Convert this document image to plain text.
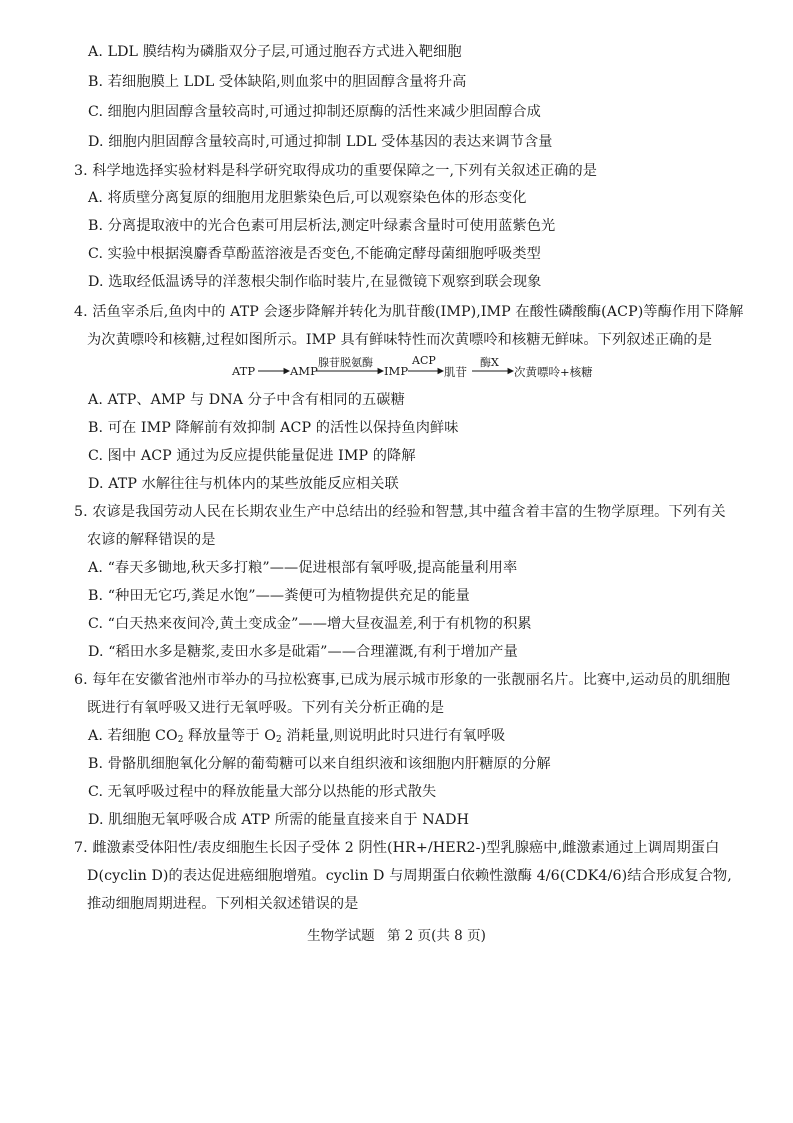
A. LDL 膜结构为磷脂双分子层,可通过胞吞方式进入靶细胞
B. 若细胞膜上 LDL 受体缺陷,则血浆中的胆固醇含量将升高
C. 细胞内胆固醇含量较高时,可通过抑制还原酶的活性来减少胆固醇合成
D. 细胞内胆固醇含量较高时,可通过抑制 LDL 受体基因的表达来调节含量
3. 科学地选择实验材料是科学研究取得成功的重要保障之一,下列有关叙述正确的是
A. 将质壁分离复原的细胞用龙胆紫染色后,可以观察染色体的形态变化
B. 分离提取液中的光合色素可用层析法,测定叶绿素含量时可使用蓝紫色光
C. 实验中根据溴麝香草酚蓝溶液是否变色,不能确定酵母菌细胞呼吸类型
D. 选取经低温诱导的洋葱根尖制作临时装片,在显微镜下观察到联会现象
4. 活鱼宰杀后,鱼肉中的 ATP 会逐步降解并转化为肌苷酸(IMP),IMP 在酸性磷酸酶(ACP)等酶作用下降解
为次黄嘌呤和核糖,过程如图所示。IMP 具有鲜味特性而次黄嘌呤和核糖无鲜味。下列叙述正确的是
ATP	AMP
腺苷脱氨酶
IMP
ACP
肌苷
酶X
次黄嘌呤+核糖
A. ATP、AMP 与 DNA 分子中含有相同的五碳糖
B. 可在 IMP 降解前有效抑制 ACP 的活性以保持鱼肉鲜味
C. 图中 ACP 通过为反应提供能量促进 IMP 的降解
D. ATP 水解往往与机体内的某些放能反应相关联
5. 农谚是我国劳动人民在长期农业生产中总结出的经验和智慧,其中蕴含着丰富的生物学原理。下列有关
农谚的解释错误的是
A. “春天多锄地,秋天多打粮”——促进根部有氧呼吸,提高能量利用率
B. “种田无它巧,粪足水饱”——粪便可为植物提供充足的能量
C. “白天热来夜间冷,黄土变成金”——增大昼夜温差,利于有机物的积累
D. “稻田水多是糖浆,麦田水多是砒霜”——合理灌溉,有利于增加产量
6. 每年在安徽省池州市举办的马拉松赛事,已成为展示城市形象的一张靓丽名片。比赛中,运动员的肌细胞
既进行有氧呼吸又进行无氧呼吸。下列有关分析正确的是
A. 若细胞 $CO_2$ 释放量等于 $O_2$ 消耗量,则说明此时只进行有氧呼吸
B. 骨骼肌细胞氧化分解的葡萄糖可以来自组织液和该细胞内肝糖原的分解
C. 无氧呼吸过程中的释放能量大部分以热能的形式散失
D. 肌细胞无氧呼吸合成 ATP 所需的能量直接来自于 NADH
7. 雌激素受体阳性/表皮细胞生长因子受体 2 阴性(HR+/HER2-)型乳腺癌中,雌激素通过上调周期蛋白
D(cyclin D)的表达促进癌细胞增殖。cyclin D 与周期蛋白依赖性激酶 4/6(CDK4/6)结合形成复合物,
推动细胞周期进程。下列相关叙述错误的是
生物学试题 第 2 页(共 8 页)
